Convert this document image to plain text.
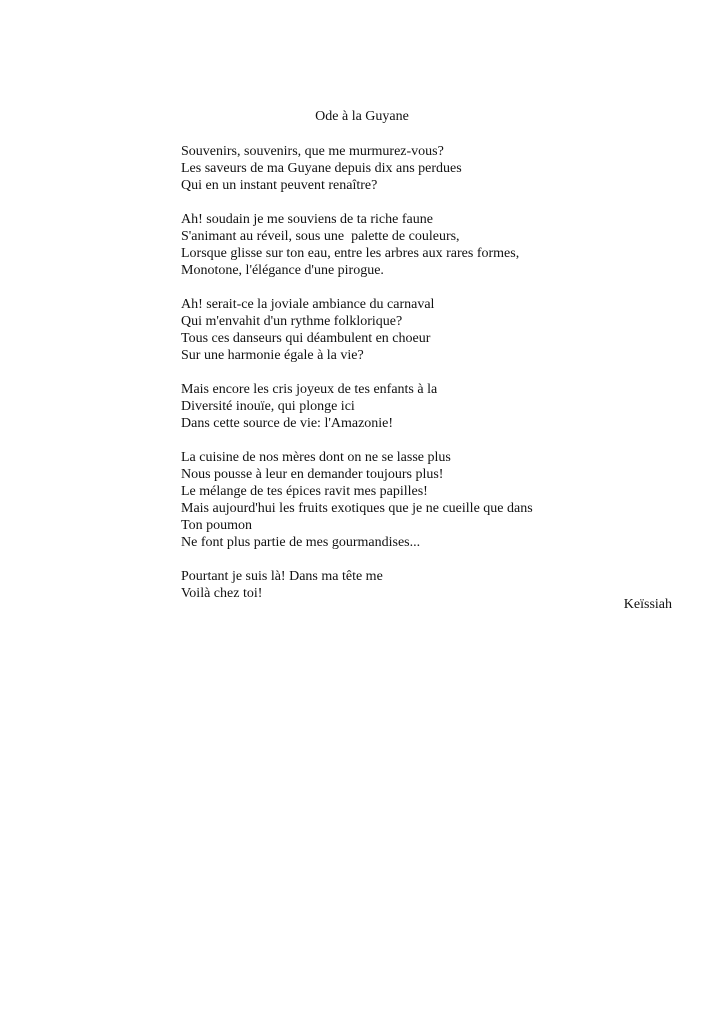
Ode à la Guyane
Souvenirs, souvenirs, que me murmurez-vous?
Les saveurs de ma Guyane depuis dix ans perdues
Qui en un instant peuvent renaître?
Ah! soudain je me souviens de ta riche faune
S'animant au réveil, sous une  palette de couleurs,
Lorsque glisse sur ton eau, entre les arbres aux rares formes,
Monotone, l'élégance d'une pirogue.
Ah! serait-ce la joviale ambiance du carnaval
Qui m'envahit d'un rythme folklorique?
Tous ces danseurs qui déambulent en choeur
Sur une harmonie égale à la vie?
Mais encore les cris joyeux de tes enfants à la
Diversité inouïe, qui plonge ici
Dans cette source de vie: l'Amazonie!
La cuisine de nos mères dont on ne se lasse plus
Nous pousse à leur en demander toujours plus!
Le mélange de tes épices ravit mes papilles!
Mais aujourd'hui les fruits exotiques que je ne cueille que dans
Ton poumon
Ne font plus partie de mes gourmandises...
Pourtant je suis là! Dans ma tête me
Voilà chez toi!
Keïssiah
